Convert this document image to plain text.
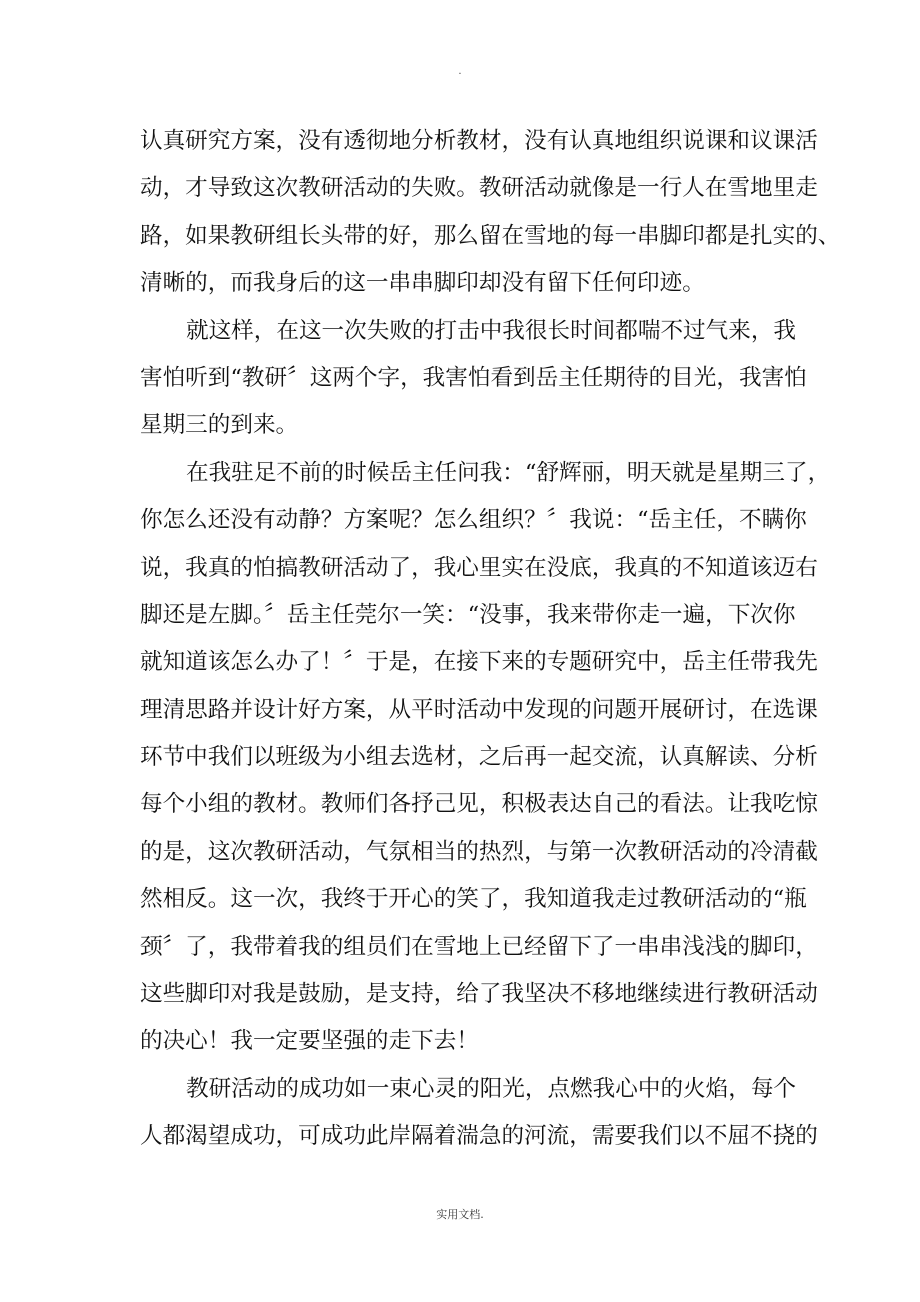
.
认真研究方案，没有透彻地分析教材，没有认真地组织说课和议课活
动，才导致这次教研活动的失败。教研活动就像是一行人在雪地里走
路，如果教研组长头带的好，那么留在雪地的每一串脚印都是扎实的、
清晰的，而我身后的这一串串脚印却没有留下任何印迹。
就这样，在这一次失败的打击中我很长时间都喘不过气来，我
害怕听到“教研〞这两个字，我害怕看到岳主任期待的目光，我害怕
星期三的到来。
在我驻足不前的时候岳主任问我：“舒辉丽，明天就是星期三了，
你怎么还没有动静？方案呢？怎么组织？〞我说：“岳主任，不瞒你
说，我真的怕搞教研活动了，我心里实在没底，我真的不知道该迈右
脚还是左脚。〞岳主任莞尔一笑：“没事，我来带你走一遍，下次你
就知道该怎么办了！〞于是，在接下来的专题研究中，岳主任带我先
理清思路并设计好方案，从平时活动中发现的问题开展研讨，在选课
环节中我们以班级为小组去选材，之后再一起交流，认真解读、分析
每个小组的教材。教师们各抒己见，积极表达自己的看法。让我吃惊
的是，这次教研活动，气氛相当的热烈，与第一次教研活动的冷清截
然相反。这一次，我终于开心的笑了，我知道我走过教研活动的“瓶
颈〞了，我带着我的组员们在雪地上已经留下了一串串浅浅的脚印，
这些脚印对我是鼓励，是支持，给了我坚决不移地继续进行教研活动
的决心！我一定要坚强的走下去！
教研活动的成功如一束心灵的阳光，点燃我心中的火焰，每个
人都渴望成功，可成功此岸隔着湍急的河流，需要我们以不屈不挠的
实用文档.
